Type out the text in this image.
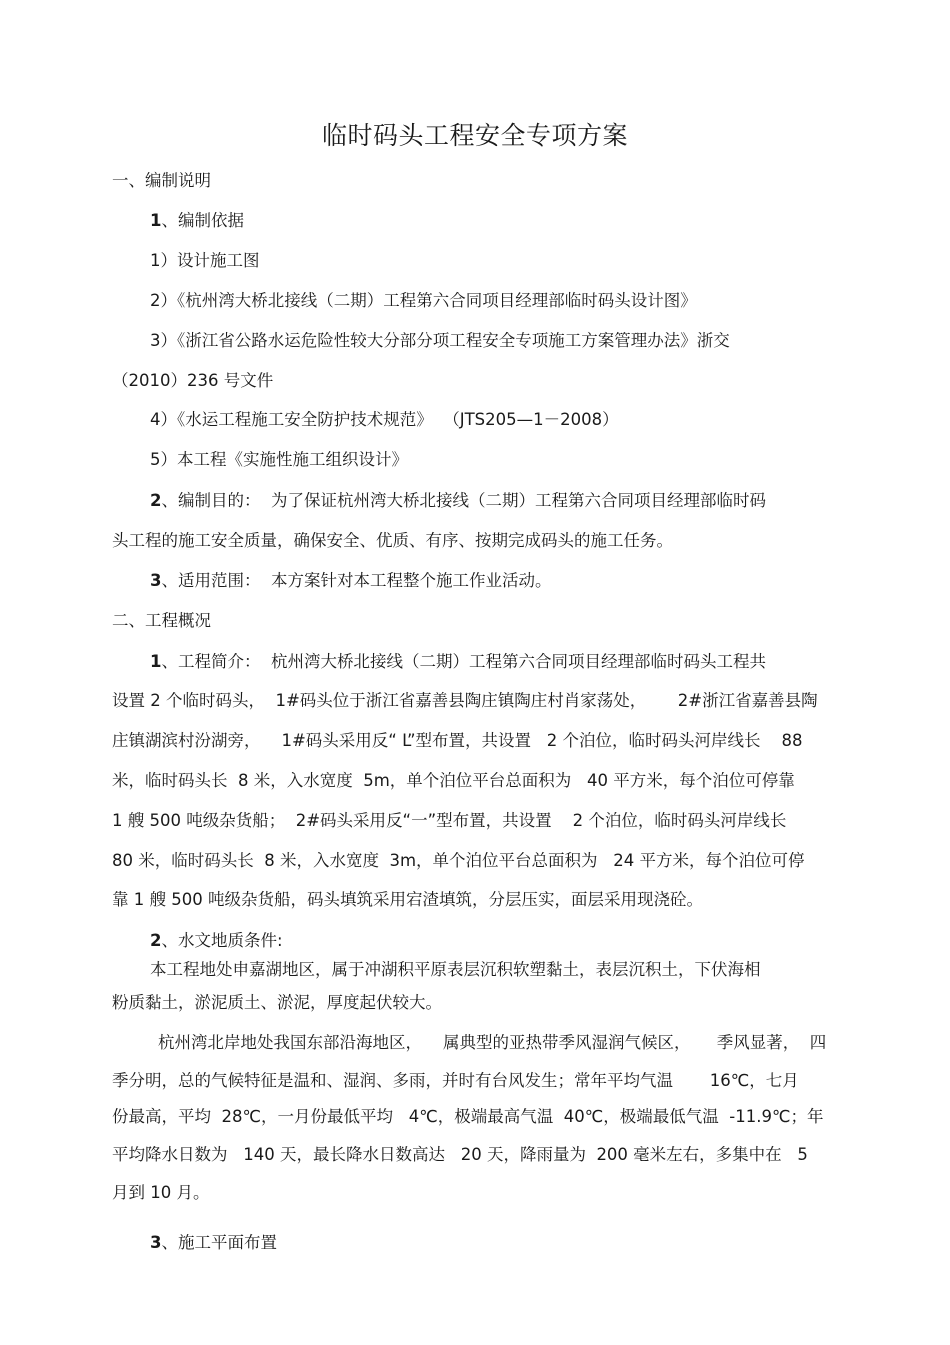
临时码头工程安全专项方案

一、编制说明

1、编制依据

1）设计施工图

2）《杭州湾大桥北接线（二期）工程第六合同项目经理部临时码头设计图》

3）《浙江省公路水运危险性较大分部分项工程安全专项施工方案管理办法》浙交

（2010）236 号文件

4）《水运工程施工安全防护技术规范》  （JTS205—1－2008）

5）本工程《实施性施工组织设计》

2、编制目的：  为了保证杭州湾大桥北接线（二期）工程第六合同项目经理部临时码

头工程的施工安全质量，确保安全、优质、有序、按期完成码头的施工任务。

3、适用范围：  本方案针对本工程整个施工作业活动。

二、工程概况

1、工程简介：  杭州湾大桥北接线（二期）工程第六合同项目经理部临时码头工程共

设置 2 个临时码头，  1#码头位于浙江省嘉善县陶庄镇陶庄村肖家荡处，      2#浙江省嘉善县陶

庄镇湖滨村汾湖旁，    1#码头采用反“ L”型布置，共设置   2 个泊位，临时码头河岸线长    88

米，临时码头长  8 米，入水宽度  5m，单个泊位平台总面积为   40 平方米，每个泊位可停靠

1 艘 500 吨级杂货船；  2#码头采用反“一”型布置，共设置    2 个泊位，临时码头河岸线长

80 米，临时码头长  8 米，入水宽度  3m，单个泊位平台总面积为   24 平方米，每个泊位可停

靠 1 艘 500 吨级杂货船，码头填筑采用宕渣填筑，分层压实，面层采用现浇砼。

2、水文地质条件:

本工程地处申嘉湖地区，属于冲湖积平原表层沉积软塑黏土，表层沉积土，下伏海相

粉质黏土，淤泥质土、淤泥，厚度起伏较大。

杭州湾北岸地处我国东部沿海地区，    属典型的亚热带季风湿润气候区，     季风显著，  四

季分明，总的气候特征是温和、湿润、多雨，并时有台风发生；常年平均气温       16℃，七月

份最高，平均  28℃，一月份最低平均   4℃，极端最高气温  40℃，极端最低气温  -11.9℃；年

平均降水日数为   140 天，最长降水日数高达   20 天，降雨量为  200 毫米左右，多集中在   5

月到 10 月。

3、施工平面布置
